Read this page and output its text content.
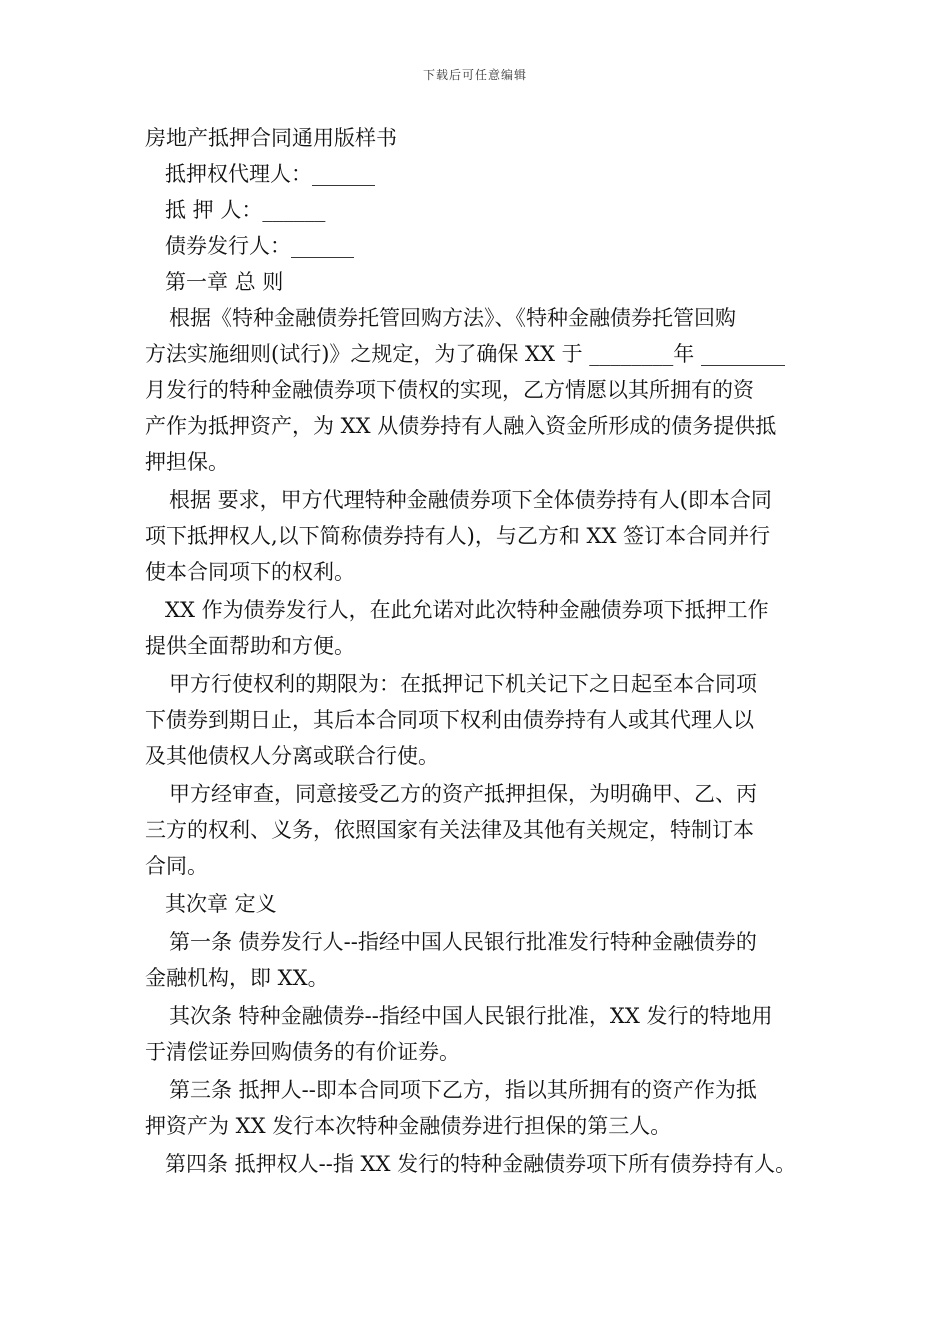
下载后可任意编辑
房地产抵押合同通用版样书
抵押权代理人：______
抵 押 人：______
债券发行人：______
第一章 总 则
根据《特种金融债券托管回购方法》、《特种金融债券托管回购
方法实施细则(试行)》之规定，为了确保 XX 于 ________年 ________
月发行的特种金融债券项下债权的实现，乙方情愿以其所拥有的资
产作为抵押资产，为 XX 从债券持有人融入资金所形成的债务提供抵
押担保。
根据 要求，甲方代理特种金融债券项下全体债券持有人(即本合同
项下抵押权人,以下简称债券持有人)，与乙方和 XX 签订本合同并行
使本合同项下的权利。
XX 作为债券发行人，在此允诺对此次特种金融债券项下抵押工作
提供全面帮助和方便。
甲方行使权利的期限为：在抵押记下机关记下之日起至本合同项
下债券到期日止，其后本合同项下权利由债券持有人或其代理人以
及其他债权人分离或联合行使。
甲方经审查，同意接受乙方的资产抵押担保，为明确甲、乙、丙
三方的权利、义务，依照国家有关法律及其他有关规定，特制订本
合同。
其次章 定义
第一条 债券发行人--指经中国人民银行批准发行特种金融债券的
金融机构，即 XX。
其次条 特种金融债券--指经中国人民银行批准，XX 发行的特地用
于清偿证券回购债务的有价证券。
第三条 抵押人--即本合同项下乙方，指以其所拥有的资产作为抵
押资产为 XX 发行本次特种金融债券进行担保的第三人。
第四条 抵押权人--指 XX 发行的特种金融债券项下所有债券持有人。
